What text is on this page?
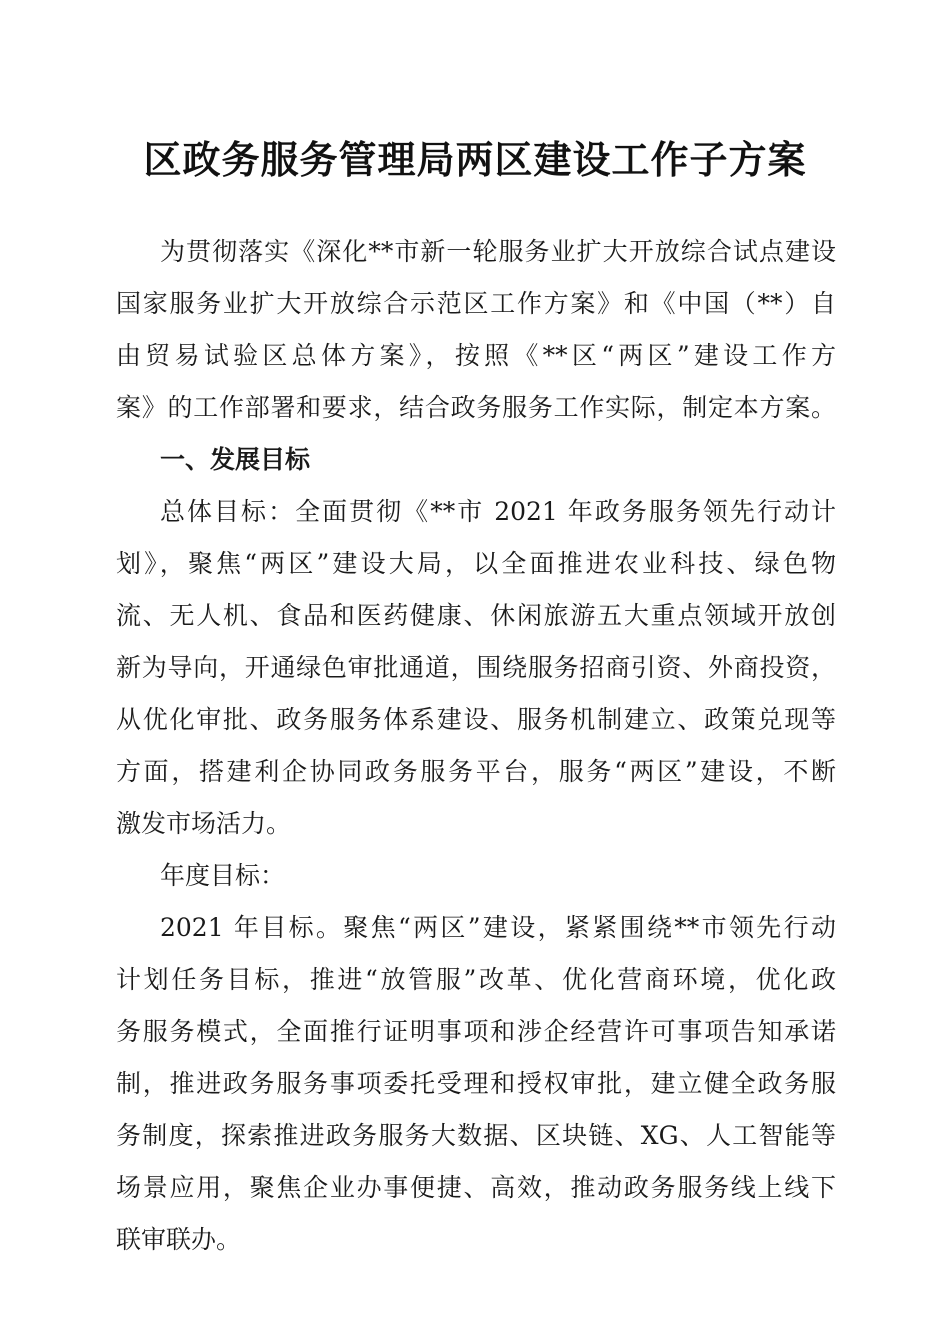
区政务服务管理局两区建设工作子方案
为贯彻落实《深化**市新一轮服务业扩大开放综合试点建设
国家服务业扩大开放综合示范区工作方案》和《中国（**）自
由贸易试验区总体方案》，按照《**区“两区”建设工作方
案》的工作部署和要求，结合政务服务工作实际，制定本方案。
一、发展目标
总体目标：全面贯彻《**市 2021 年政务服务领先行动计
划》，聚焦“两区”建设大局，以全面推进农业科技、绿色物
流、无人机、食品和医药健康、休闲旅游五大重点领域开放创
新为导向，开通绿色审批通道，围绕服务招商引资、外商投资，
从优化审批、政务服务体系建设、服务机制建立、政策兑现等
方面，搭建利企协同政务服务平台，服务“两区”建设，不断
激发市场活力。
年度目标：
2021 年目标。聚焦“两区”建设，紧紧围绕**市领先行动
计划任务目标，推进“放管服”改革、优化营商环境，优化政
务服务模式，全面推行证明事项和涉企经营许可事项告知承诺
制，推进政务服务事项委托受理和授权审批，建立健全政务服
务制度，探索推进政务服务大数据、区块链、XG、人工智能等
场景应用，聚焦企业办事便捷、高效，推动政务服务线上线下
联审联办。
